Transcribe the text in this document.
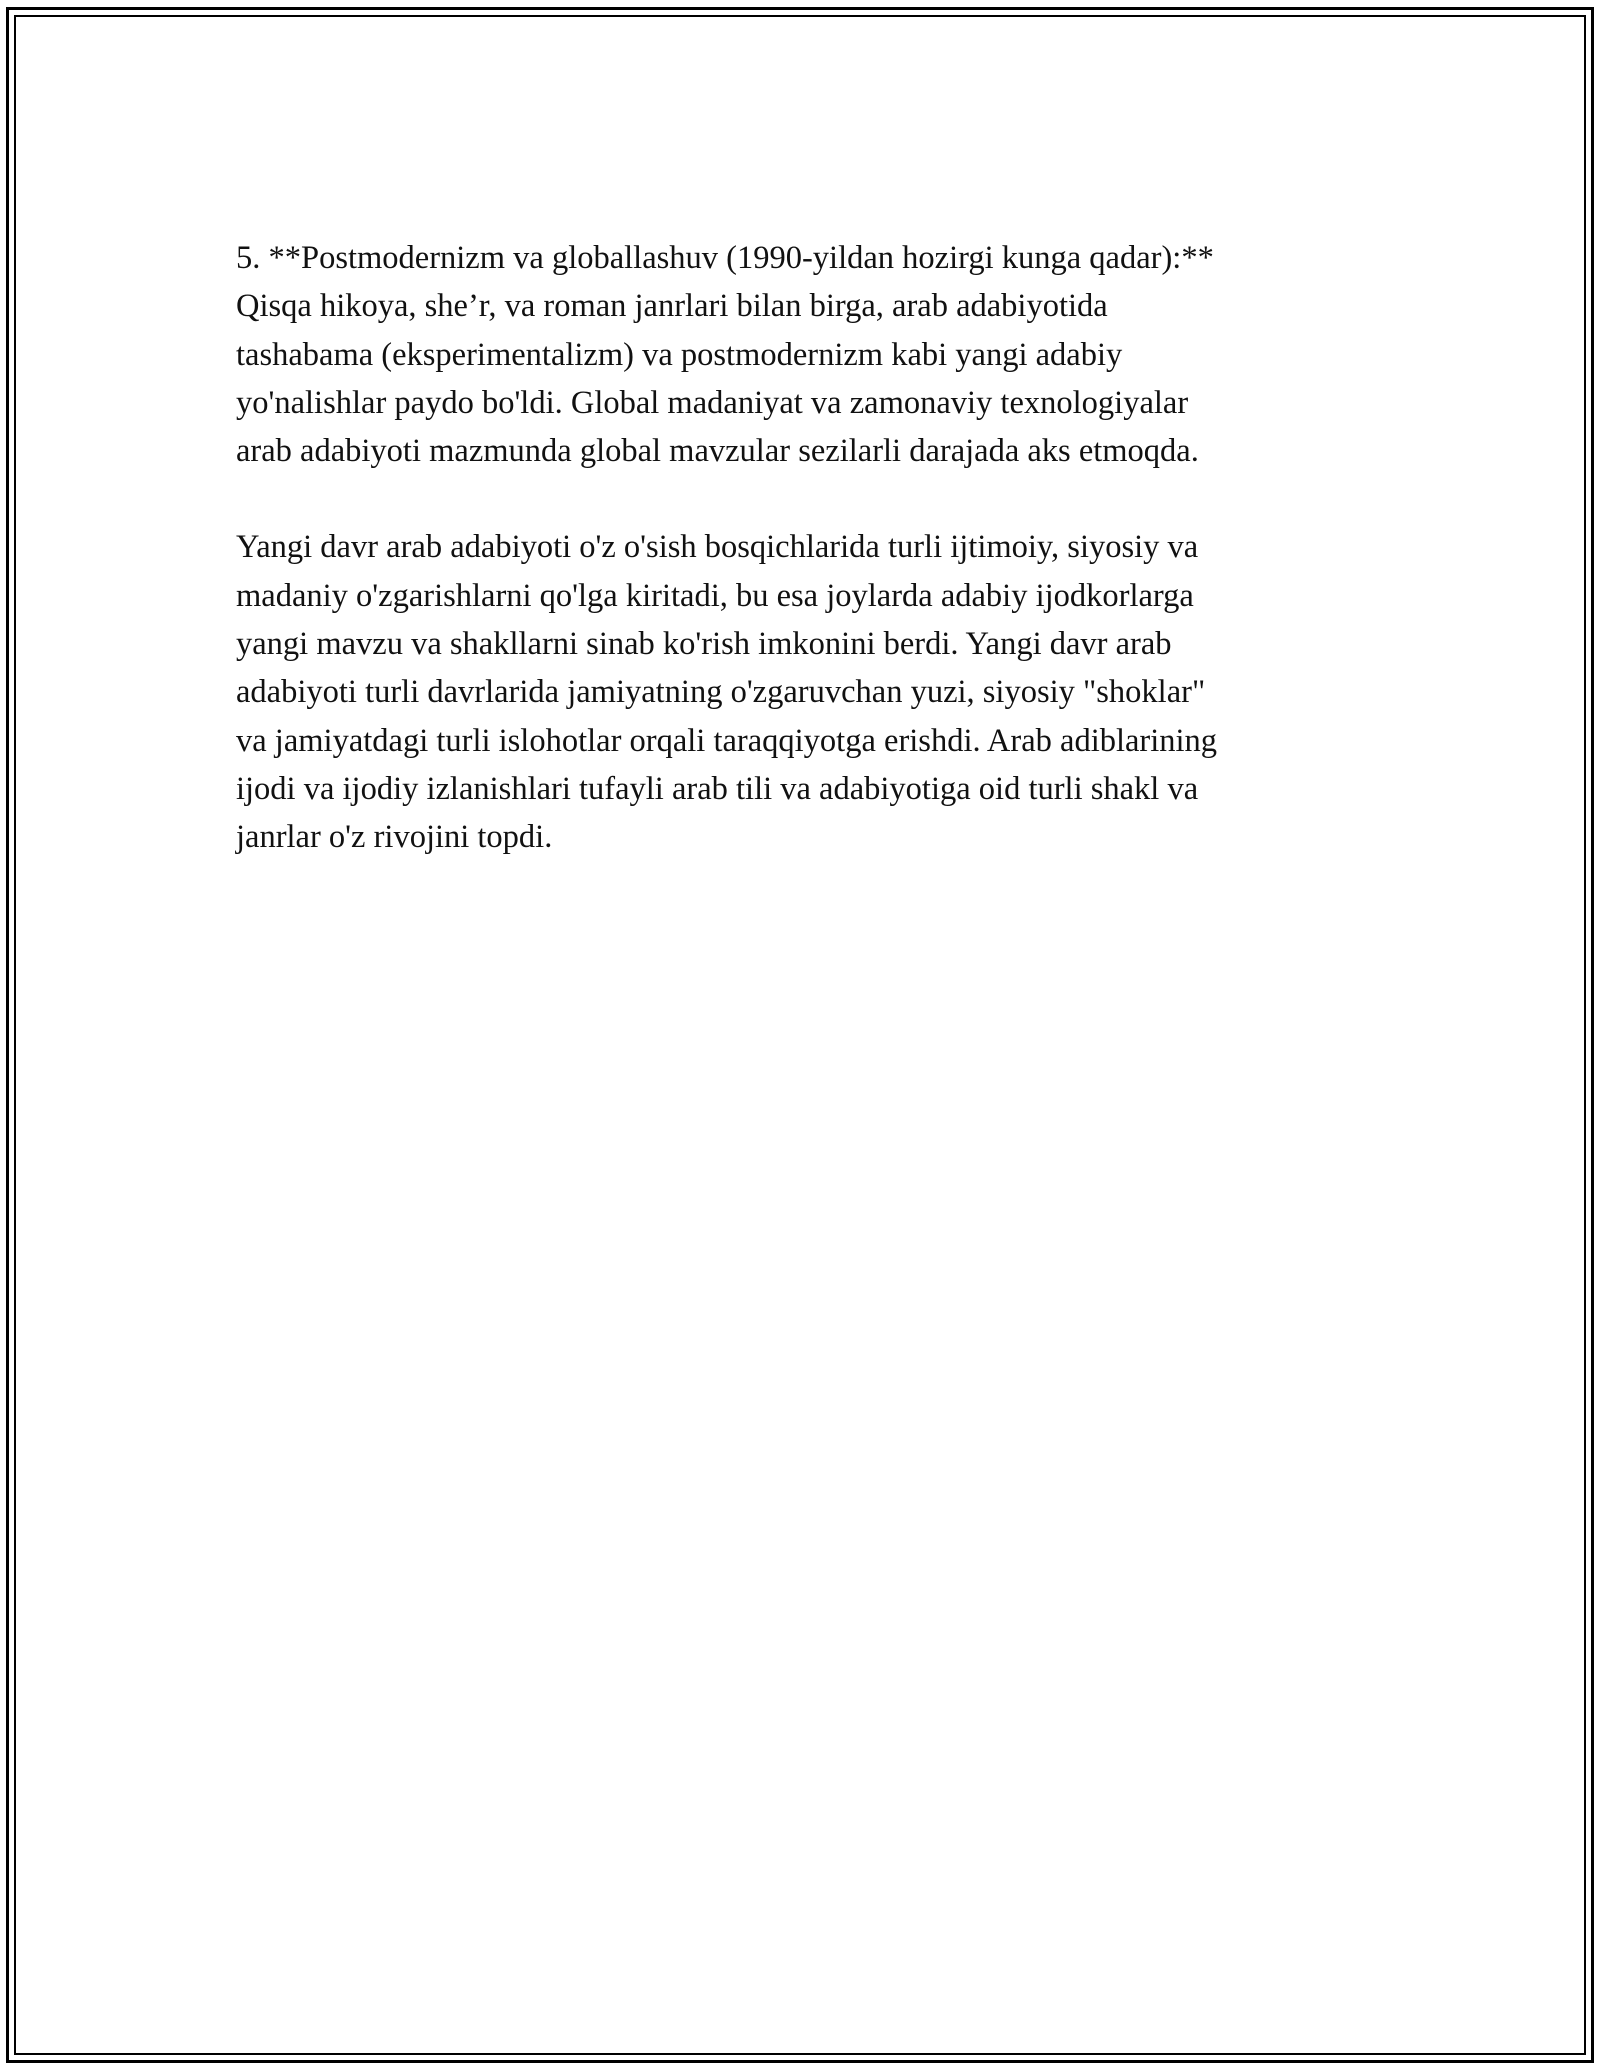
5. **Postmodernizm va globallashuv (1990-yildan hozirgi kunga qadar):**
Qisqa hikoya, she’r, va roman janrlari bilan birga, arab adabiyotida
tashabama (eksperimentalizm) va postmodernizm kabi yangi adabiy
yo'nalishlar paydo bo'ldi. Global madaniyat va zamonaviy texnologiyalar
arab adabiyoti mazmunda global mavzular sezilarli darajada aks etmoqda.
Yangi davr arab adabiyoti o'z o'sish bosqichlarida turli ijtimoiy, siyosiy va
madaniy o'zgarishlarni qo'lga kiritadi, bu esa joylarda adabiy ijodkorlarga
yangi mavzu va shakllarni sinab ko'rish imkonini berdi. Yangi davr arab
adabiyoti turli davrlarida jamiyatning o'zgaruvchan yuzi, siyosiy "shoklar"
va jamiyatdagi turli islohotlar orqali taraqqiyotga erishdi. Arab adiblarining
ijodi va ijodiy izlanishlari tufayli arab tili va adabiyotiga oid turli shakl va
janrlar o'z rivojini topdi.
